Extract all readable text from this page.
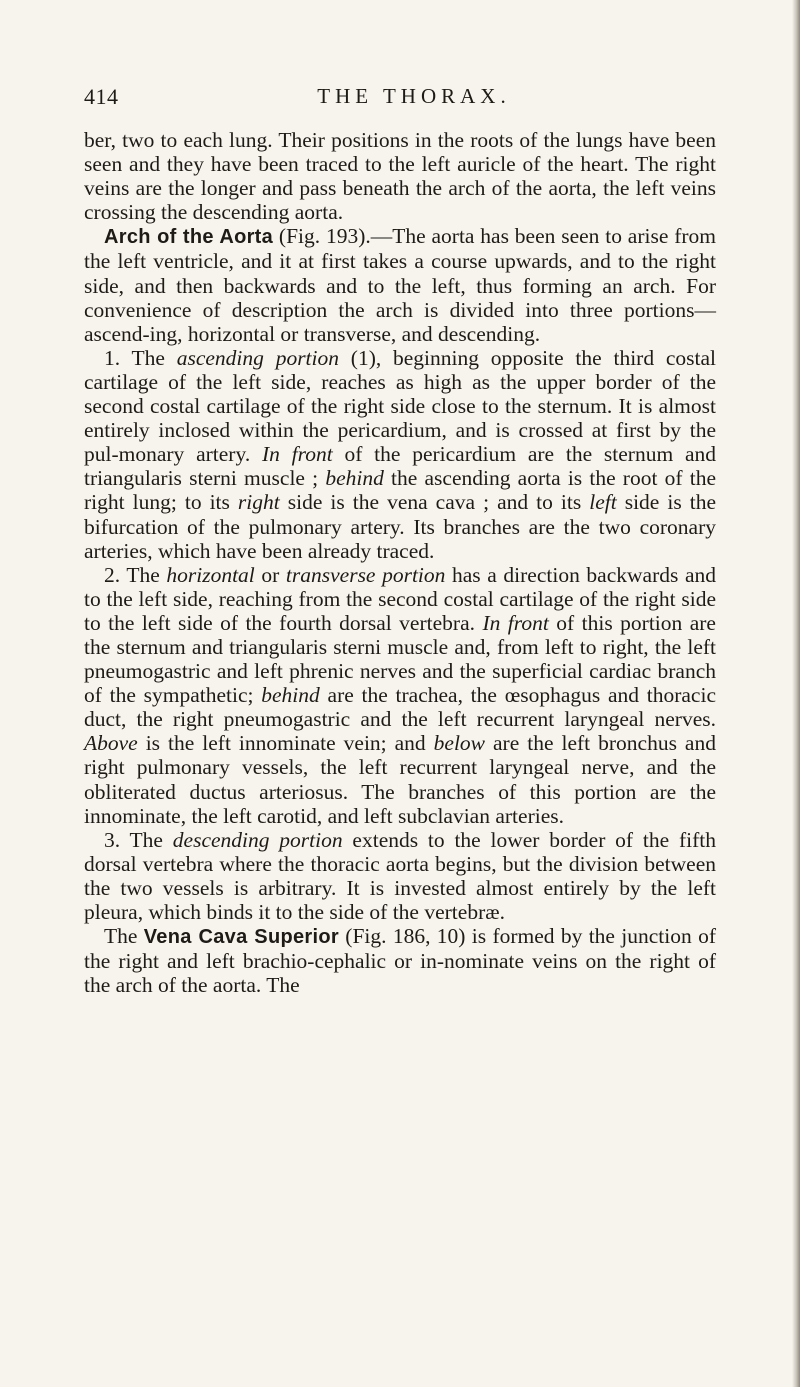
414	THE THORAX.

ber, two to each lung. Their positions in the roots of the lungs have been seen and they have been traced to the left auricle of the heart. The right veins are the longer and pass beneath the arch of the aorta, the left veins crossing the descending aorta.

Arch of the Aorta (Fig. 193).—The aorta has been seen to arise from the left ventricle, and it at first takes a course upwards, and to the right side, and then backwards and to the left, thus forming an arch. For convenience of description the arch is divided into three portions—ascend-ing, horizontal or transverse, and descending.

1. The ascending portion (1), beginning opposite the third costal cartilage of the left side, reaches as high as the upper border of the second costal cartilage of the right side close to the sternum. It is almost entirely inclosed within the pericardium, and is crossed at first by the pul-monary artery. In front of the pericardium are the sternum and triangularis sterni muscle ; behind the ascending aorta is the root of the right lung; to its right side is the vena cava ; and to its left side is the bifurcation of the pulmonary artery. Its branches are the two coronary arteries, which have been already traced.

2. The horizontal or transverse portion has a direction backwards and to the left side, reaching from the second costal cartilage of the right side to the left side of the fourth dorsal vertebra. In front of this portion are the sternum and triangularis sterni muscle and, from left to right, the left pneumogastric and left phrenic nerves and the superficial cardiac branch of the sympathetic; behind are the trachea, the œsophagus and thoracic duct, the right pneumogastric and the left recurrent laryngeal nerves. Above is the left innominate vein; and below are the left bronchus and right pulmonary vessels, the left recurrent laryngeal nerve, and the obliterated ductus arteriosus. The branches of this portion are the innominate, the left carotid, and left subclavian arteries.

3. The descending portion extends to the lower border of the fifth dorsal vertebra where the thoracic aorta begins, but the division between the two vessels is arbitrary. It is invested almost entirely by the left pleura, which binds it to the side of the vertebræ.

The Vena Cava Superior (Fig. 186, 10) is formed by the junction of the right and left brachio-cephalic or in-nominate veins on the right of the arch of the aorta. The
